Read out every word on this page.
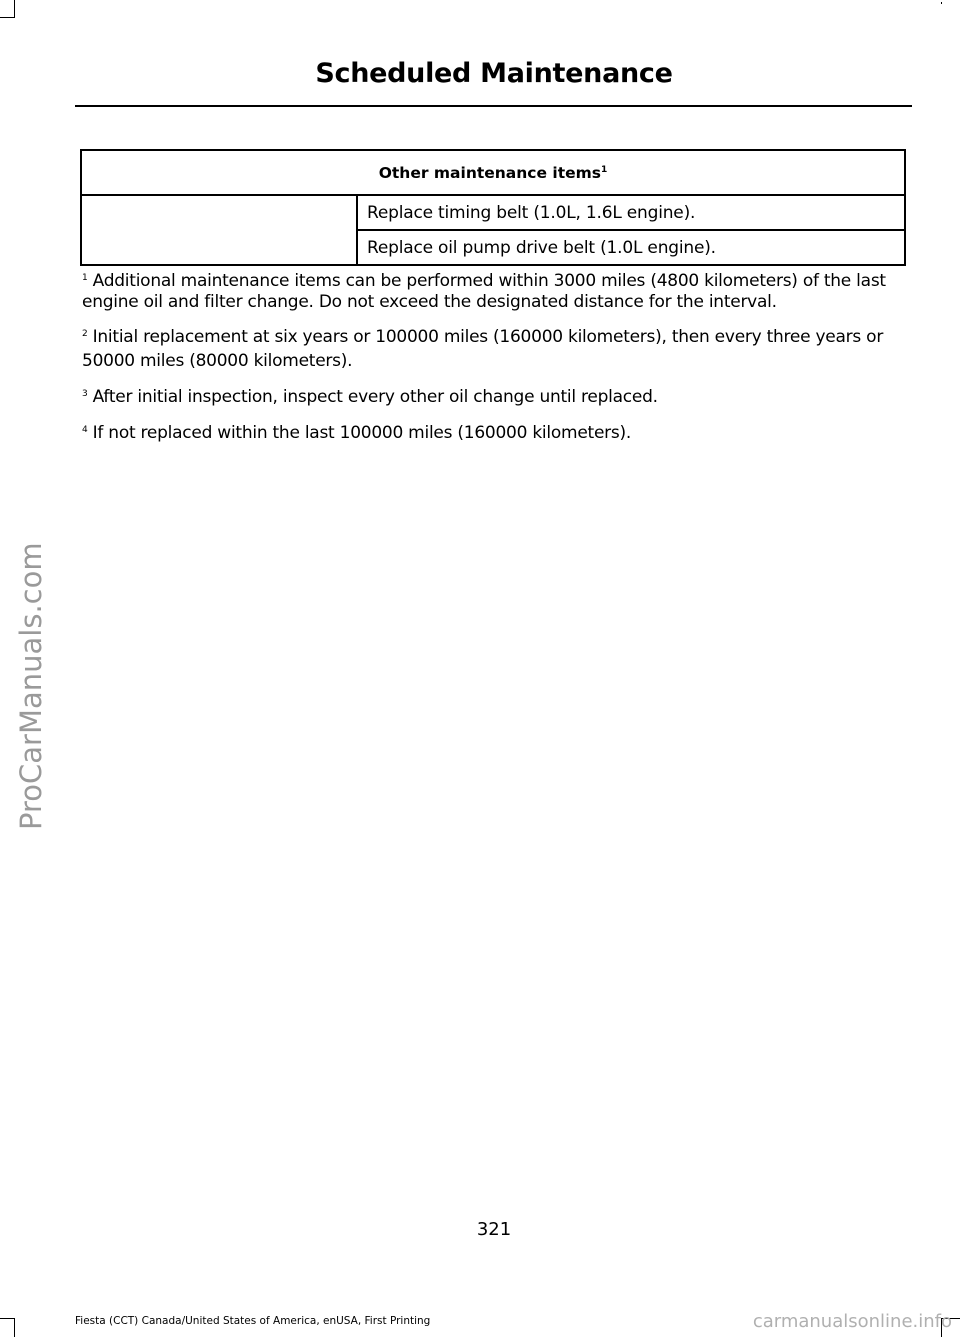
Scheduled Maintenance
Other maintenance items$^1$
	Replace timing belt (1.0L, 1.6L engine).
Replace oil pump drive belt (1.0L engine).

$^1$ Additional maintenance items can be performed within 3000 miles (4800 kilometers) of the last engine oil and filter change. Do not exceed the designated distance for the interval.

$^2$ Initial replacement at six years or 100000 miles (160000 kilometers), then every three years or 50000 miles (80000 kilometers).

$^3$ After initial inspection, inspect every other oil change until replaced.

$^4$ If not replaced within the last 100000 miles (160000 kilometers).

321
Fiesta (CCT) Canada/United States of America, enUSA, First Printing
ProCarManuals.com
carmanualsonline.info
